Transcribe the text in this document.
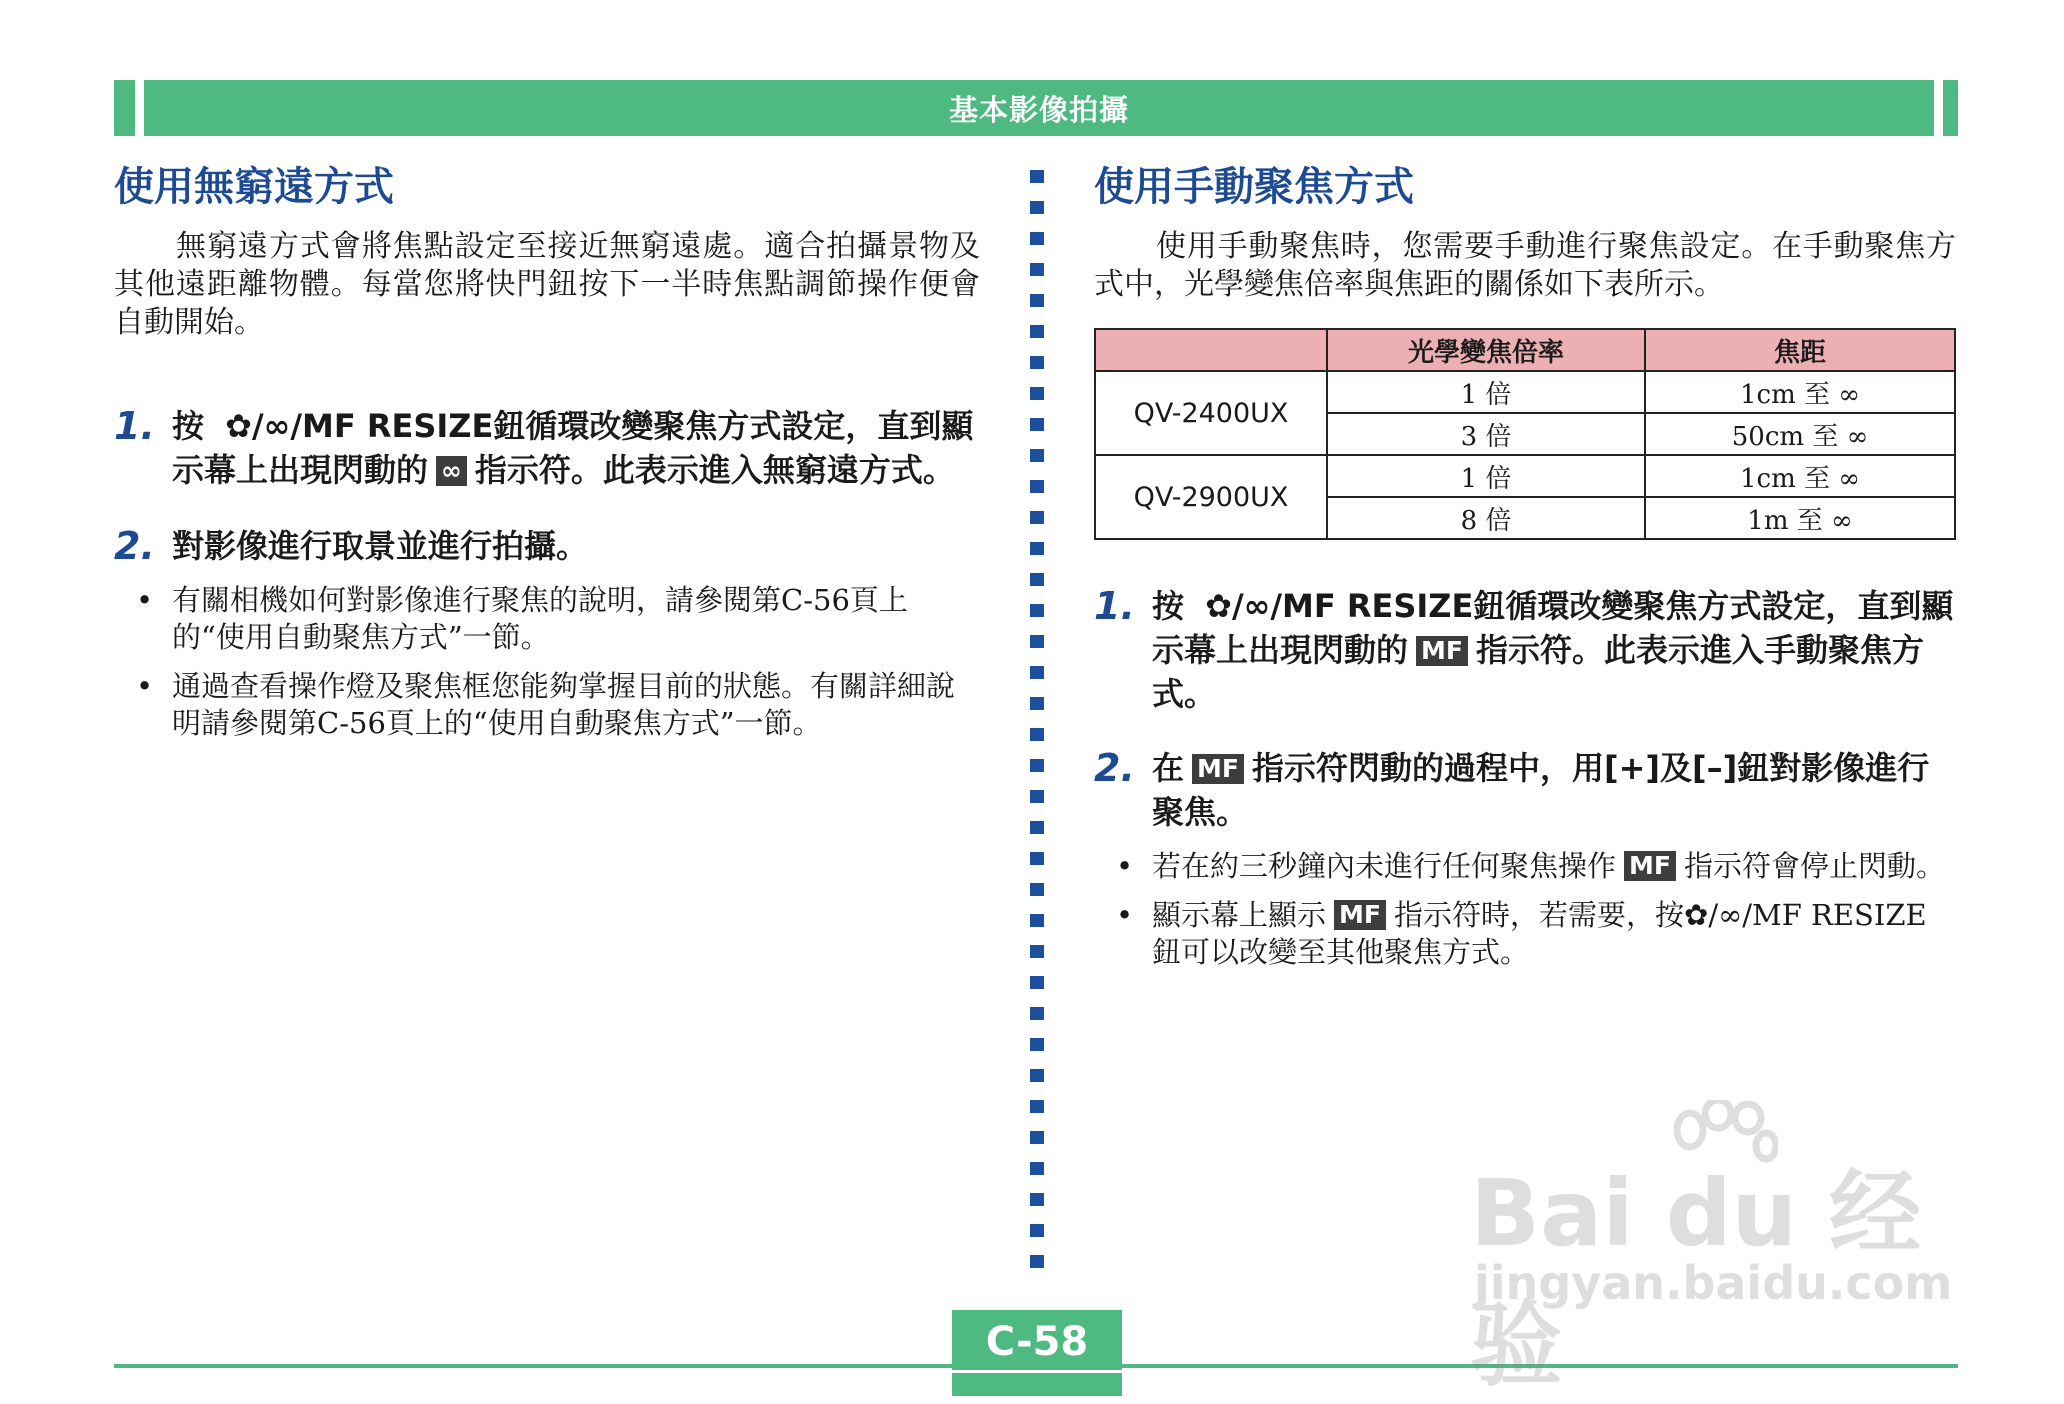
基本影像拍攝
使用無窮遠方式

無窮遠方式會將焦點設定至接近無窮遠處。適合拍攝景物及其他遠距離物體。每當您將快門鈕按下一半時焦點調節操作便會自動開始。

1. 按 ✿/∞/MF RESIZE鈕循環改變聚焦方式設定，直到顯示幕上出現閃動的 ∞ 指示符。此表示進入無窮遠方式。
2. 對影像進行取景並進行拍攝。
• 有關相機如何對影像進行聚焦的說明，請參閱第C-56頁上的“使用自動聚焦方式”一節。
• 通過查看操作燈及聚焦框您能夠掌握目前的狀態。有關詳細說明請參閱第C-56頁上的“使用自動聚焦方式”一節。
使用手動聚焦方式

使用手動聚焦時，您需要手動進行聚焦設定。在手動聚焦方式中，光學變焦倍率與焦距的關係如下表所示。

	光學變焦倍率	焦距
QV-2400UX	1 倍	1cm 至 ∞
	3 倍	50cm 至 ∞
QV-2900UX	1 倍	1cm 至 ∞
	8 倍	1m 至 ∞
1. 按 ✿/∞/MF RESIZE鈕循環改變聚焦方式設定，直到顯示幕上出現閃動的 MF 指示符。此表示進入手動聚焦方式。
2. 在 MF 指示符閃動的過程中，用[+]及[–]鈕對影像進行聚焦。
• 若在約三秒鐘內未進行任何聚焦操作 MF 指示符會停止閃動。
• 顯示幕上顯示 MF 指示符時，若需要，按✿/∞/MF RESIZE 鈕可以改變至其他聚焦方式。
C-58
Bai du 经验
jingyan.baidu.com
